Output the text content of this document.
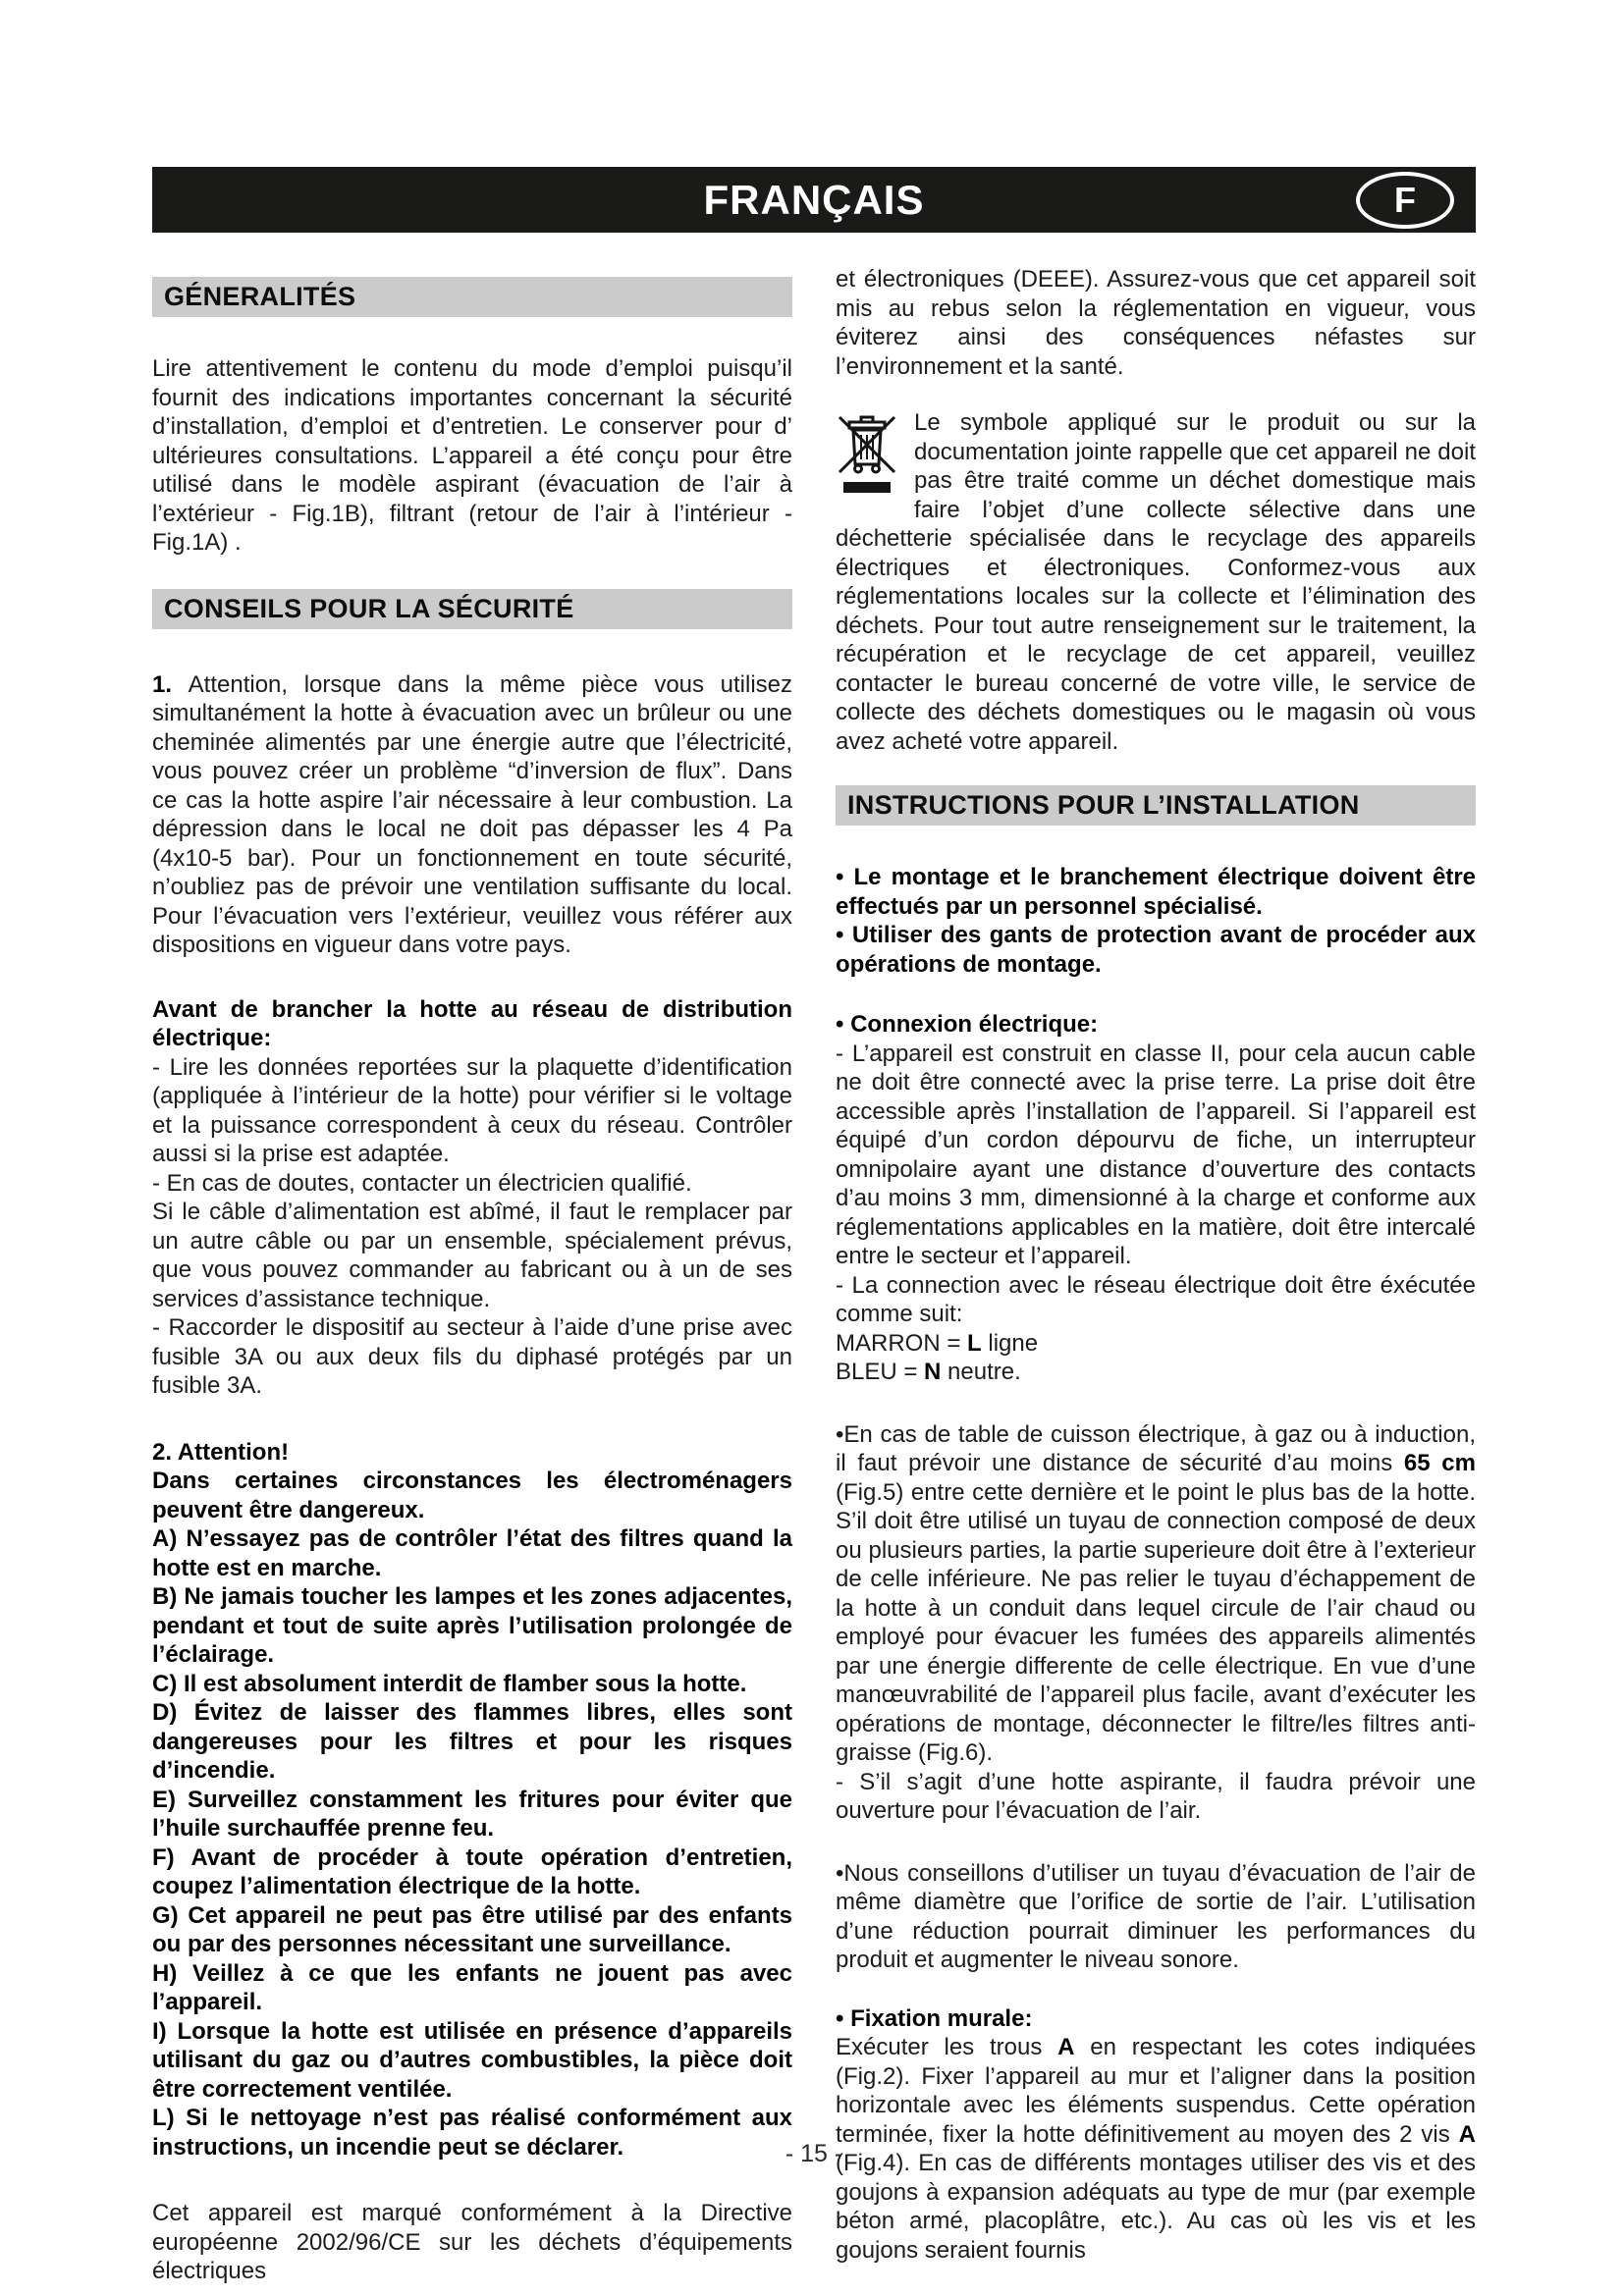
FRANÇAIS	F
GÉNERALITÉS

Lire attentivement le contenu du mode d’emploi puisqu’il fournit des indications importantes concernant la sécurité d’installation, d’emploi et d’entretien. Le conserver pour d’ ultérieures consultations. L’appareil a été conçu pour être utilisé dans le modèle aspirant (évacuation de l’air à l’extérieur - Fig.1B), filtrant (retour de l’air à l’intérieur - Fig.1A) .

CONSEILS POUR LA SÉCURITÉ

1. Attention, lorsque dans la même pièce vous utilisez simultanément la hotte à évacuation avec un brûleur ou une cheminée alimentés par une énergie autre que l’électricité, vous pouvez créer un problème “d’inversion de flux”. Dans ce cas la hotte aspire l’air nécessaire à leur combustion. La dépression dans le local ne doit pas dépasser les 4 Pa (4x10-5 bar). Pour un fonctionnement en toute sécurité, n’oubliez pas de prévoir une ventilation suffisante du local. Pour l’évacuation vers l’extérieur, veuillez vous référer aux dispositions en vigueur dans votre pays.

Avant de brancher la hotte au réseau de distribution électrique:

- Lire les données reportées sur la plaquette d’identification (appliquée à l’intérieur de la hotte) pour vérifier si le voltage et la puissance correspondent à ceux du réseau. Contrôler aussi si la prise est adaptée.

- En cas de doutes, contacter un électricien qualifié.

Si le câble d’alimentation est abîmé, il faut le remplacer par un autre câble ou par un ensemble, spécialement prévus, que vous pouvez commander au fabricant ou à un de ses services d’assistance technique.

- Raccorder le dispositif au secteur à l’aide d’une prise avec fusible 3A ou aux deux fils du diphasé protégés par un fusible 3A.

2. Attention!

Dans certaines circonstances les électroménagers peuvent être dangereux.

A) N’essayez pas de contrôler l’état des filtres quand la hotte est en marche.

B) Ne jamais toucher les lampes et les zones adjacentes, pendant et tout de suite après l’utilisation prolongée de l’éclairage.

C) Il est absolument interdit de flamber sous la hotte.

D) Évitez de laisser des flammes libres, elles sont dangereuses pour les filtres et pour les risques d’incendie.

E) Surveillez constamment les fritures pour éviter que l’huile surchauffée prenne feu.

F) Avant de procéder à toute opération d’entretien, coupez l’alimentation électrique de la hotte.

G) Cet appareil ne peut pas être utilisé par des enfants ou par des personnes nécessitant une surveillance.

H) Veillez à ce que les enfants ne jouent pas avec l’appareil.

I) Lorsque la hotte est utilisée en présence d’appareils utilisant du gaz ou d’autres combustibles, la pièce doit être correctement ventilée.

L) Si le nettoyage n’est pas réalisé conformément aux instructions, un incendie peut se déclarer.

Cet appareil est marqué conformément à la Directive européenne 2002/96/CE sur les déchets d’équipements électriques

et électroniques (DEEE). Assurez-vous que cet appareil soit mis au rebus selon la réglementation en vigueur, vous éviterez ainsi des conséquences néfastes sur l’environnement et la santé.

Le symbole appliqué sur le produit ou sur la documentation jointe rappelle que cet appareil ne doit pas être traité comme un déchet domestique mais faire l’objet d’une collecte sélective dans une déchetterie spécialisée dans le recyclage des appareils électriques et électroniques. Conformez-vous aux réglementations locales sur la collecte et l’élimination des déchets. Pour tout autre renseignement sur le traitement, la récupération et le recyclage de cet appareil, veuillez contacter le bureau concerné de votre ville, le service de collecte des déchets domestiques ou le magasin où vous avez acheté votre appareil.

INSTRUCTIONS POUR L’INSTALLATION

• Le montage et le branchement électrique doivent être effectués par un personnel spécialisé.

• Utiliser des gants de protection avant de procéder aux opérations de montage.

• Connexion électrique:

- L’appareil est construit en classe II, pour cela aucun cable ne doit être connecté avec la prise terre. La prise doit être accessible après l’installation de l’appareil. Si l’appareil est équipé d’un cordon dépourvu de fiche, un interrupteur omnipolaire ayant une distance d’ouverture des contacts d’au moins 3 mm, dimensionné à la charge et conforme aux réglementations applicables en la matière, doit être intercalé entre le secteur et l’appareil.

- La connection avec le réseau électrique doit être éxécutée comme suit:

MARRON = L ligne

BLEU = N neutre.

•En cas de table de cuisson électrique, à gaz ou à induction, il faut prévoir une distance de sécurité d’au moins 65 cm (Fig.5) entre cette dernière et le point le plus bas de la hotte. S’il doit être utilisé un tuyau de connection composé de deux ou plusieurs parties, la partie superieure doit être à l’exterieur de celle inférieure. Ne pas relier le tuyau d’échappement de la hotte à un conduit dans lequel circule de l’air chaud ou employé pour évacuer les fumées des appareils alimentés par une énergie differente de celle électrique. En vue d’une manœuvrabilité de l’appareil plus facile, avant d’exécuter les opérations de montage, déconnecter le filtre/les filtres anti-graisse (Fig.6).

- S’il s’agit d’une hotte aspirante, il faudra prévoir une ouverture pour l’évacuation de l’air.

•Nous conseillons d’utiliser un tuyau d’évacuation de l’air de même diamètre que l’orifice de sortie de l’air. L’utilisation d’une réduction pourrait diminuer les performances du produit et augmenter le niveau sonore.

• Fixation murale:

Exécuter les trous A en respectant les cotes indiquées (Fig.2). Fixer l’appareil au mur et l’aligner dans la position horizontale avec les éléments suspendus. Cette opération terminée, fixer la hotte définitivement au moyen des 2 vis A (Fig.4). En cas de différents montages utiliser des vis et des goujons à expansion adéquats au type de mur (par exemple béton armé, placoplâtre, etc.). Au cas où les vis et les goujons seraient fournis

- 15 -
